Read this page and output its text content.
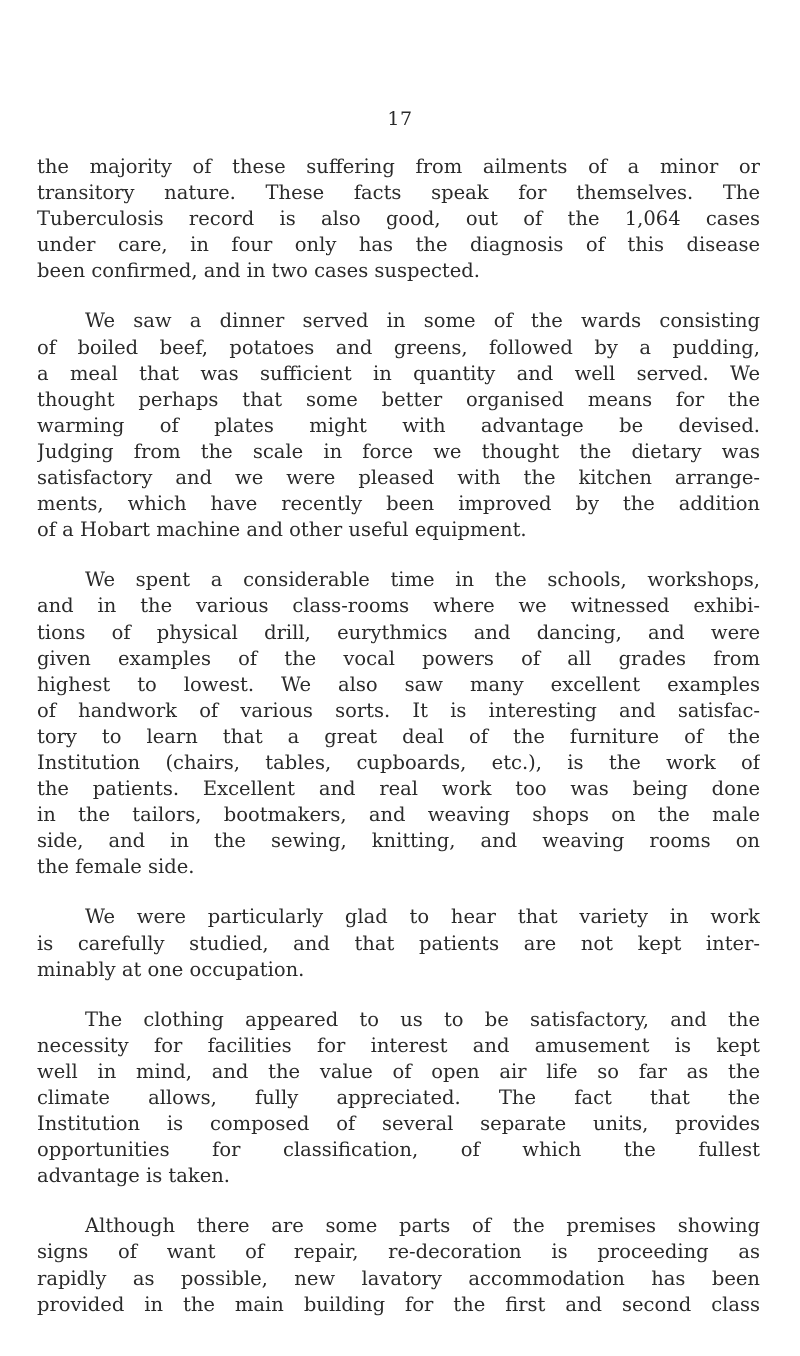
17
the majority of these suffering from ailments of a minor or
transitory nature. These facts speak for themselves. The
Tuberculosis record is also good, out of the 1,064 cases
under care, in four only has the diagnosis of this disease
been confirmed, and in two cases suspected.
We saw a dinner served in some of the wards consisting
of boiled beef, potatoes and greens, followed by a pudding,
a meal that was sufficient in quantity and well served. We
thought perhaps that some better organised means for the
warming of plates might with advantage be devised.
Judging from the scale in force we thought the dietary was
satisfactory and we were pleased with the kitchen arrange-
ments, which have recently been improved by the addition
of a Hobart machine and other useful equipment.
We spent a considerable time in the schools, workshops,
and in the various class-rooms where we witnessed exhibi-
tions of physical drill, eurythmics and dancing, and were
given examples of the vocal powers of all grades from
highest to lowest. We also saw many excellent examples
of handwork of various sorts. It is interesting and satisfac-
tory to learn that a great deal of the furniture of the
Institution (chairs, tables, cupboards, etc.), is the work of
the patients. Excellent and real work too was being done
in the tailors, bootmakers, and weaving shops on the male
side, and in the sewing, knitting, and weaving rooms on
the female side.
We were particularly glad to hear that variety in work
is carefully studied, and that patients are not kept inter-
minably at one occupation.
The clothing appeared to us to be satisfactory, and the
necessity for facilities for interest and amusement is kept
well in mind, and the value of open air life so far as the
climate allows, fully appreciated. The fact that the
Institution is composed of several separate units, provides
opportunities for classification, of which the fullest
advantage is taken.
Although there are some parts of the premises showing
signs of want of repair, re-decoration is proceeding as
rapidly as possible, new lavatory accommodation has been
provided in the main building for the first and second class
